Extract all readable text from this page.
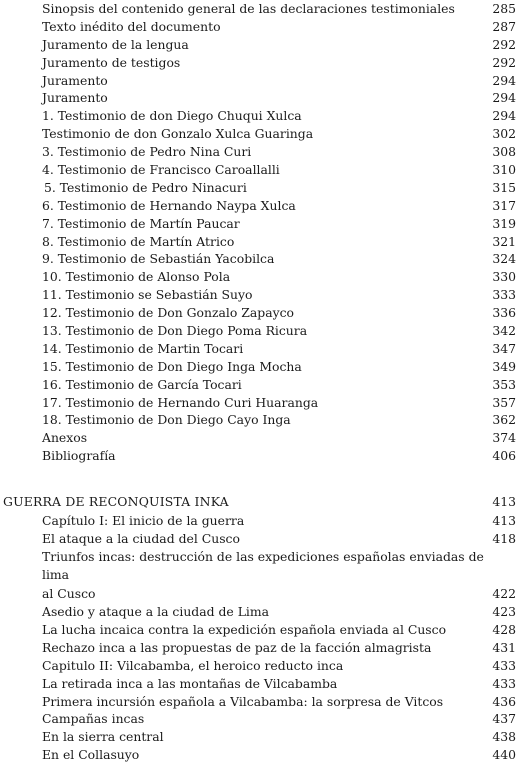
Sinopsis del contenido general de las declaraciones testimoniales	285
Texto inédito del documento	287
Juramento de la lengua	292
Juramento de testigos	292
Juramento	294
Juramento	294
1. Testimonio de don Diego Chuqui Xulca	294
Testimonio de don Gonzalo Xulca Guaringa	302
3. Testimonio de Pedro Nina Curi	308
4. Testimonio de Francisco Caroallalli	310
5. Testimonio de Pedro Ninacuri	315
6. Testimonio de Hernando Naypa Xulca	317
7. Testimonio de Martín Paucar	319
8. Testimonio de Martín Atrico	321
9. Testimonio de Sebastián Yacobilca	324
10. Testimonio de Alonso Pola	330
11. Testimonio se Sebastián Suyo	333
12. Testimonio de Don Gonzalo Zapayco	336
13. Testimonio de Don Diego Poma Ricura	342
14. Testimonio de Martin Tocari	347
15. Testimonio de Don Diego Inga Mocha	349
16. Testimonio de García Tocari	353
17. Testimonio de Hernando Curi Huaranga	357
18. Testimonio de Don Diego Cayo Inga	362
Anexos	374
Bibliografía	406
GUERRA DE RECONQUISTA INKA	413
Capítulo I: El inicio de la guerra	413
El ataque a la ciudad del Cusco	418
Triunfos incas: destrucción de las expediciones españolas enviadas de lima
al Cusco	422
Asedio y ataque a la ciudad de Lima	423
La lucha incaica contra la expedición española enviada al Cusco	428
Rechazo inca a las propuestas de paz de la facción almagrista	431
Capitulo II: Vilcabamba, el heroico reducto inca	433
La retirada inca a las montañas de Vilcabamba	433
Primera incursión española a Vilcabamba: la sorpresa de Vitcos	436
Campañas incas	437
En la sierra central	438
En el Collasuyo	440
